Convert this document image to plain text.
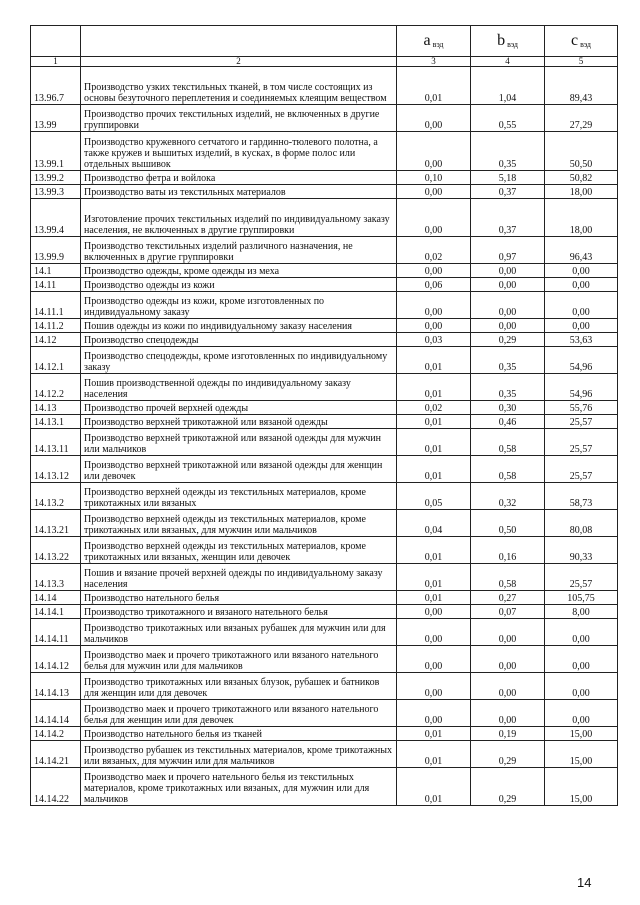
		a $_{вэд}$	b $_{вэд}$	c $_{вэд}$
1	2	3	4	5
13.96.7	Производство узких текстильных тканей, в том числе состоящих из основы безуточного переплетения и соединяемых клеящим веществом	0,01	1,04	89,43
13.99	Производство прочих текстильных изделий, не включенных в другие группировки	0,00	0,55	27,29
13.99.1	Производство кружевного сетчатого и гардинно-тюлевого полотна, а также кружев и вышитых изделий, в кусках, в форме полос или отдельных вышивок	0,00	0,35	50,50
13.99.2	Производство фетра и войлока	0,10	5,18	50,82
13.99.3	Производство ваты из текстильных материалов	0,00	0,37	18,00
13.99.4	Изготовление прочих текстильных изделий по индивидуальному заказу населения, не включенных в другие группировки	0,00	0,37	18,00
13.99.9	Производство текстильных изделий различного назначения, не включенных в другие группировки	0,02	0,97	96,43
14.1	Производство одежды, кроме одежды из меха	0,00	0,00	0,00
14.11	Производство одежды из кожи	0,06	0,00	0,00
14.11.1	Производство одежды из кожи, кроме изготовленных по индивидуальному заказу	0,00	0,00	0,00
14.11.2	Пошив одежды из кожи по индивидуальному заказу населения	0,00	0,00	0,00
14.12	Производство спецодежды	0,03	0,29	53,63
14.12.1	Производство спецодежды, кроме изготовленных по индивидуальному заказу	0,01	0,35	54,96
14.12.2	Пошив производственной одежды по индивидуальному заказу населения	0,01	0,35	54,96
14.13	Производство прочей верхней одежды	0,02	0,30	55,76
14.13.1	Производство верхней трикотажной или вязаной одежды	0,01	0,46	25,57
14.13.11	Производство верхней трикотажной или вязаной одежды для мужчин или мальчиков	0,01	0,58	25,57
14.13.12	Производство верхней трикотажной или вязаной одежды для женщин или девочек	0,01	0,58	25,57
14.13.2	Производство верхней одежды из текстильных материалов, кроме трикотажных или вязаных	0,05	0,32	58,73
14.13.21	Производство верхней одежды из текстильных материалов, кроме трикотажных или вязаных, для мужчин или мальчиков	0,04	0,50	80,08
14.13.22	Производство верхней одежды из текстильных материалов, кроме трикотажных или вязаных, женщин или девочек	0,01	0,16	90,33
14.13.3	Пошив и вязание прочей верхней одежды по индивидуальному заказу населения	0,01	0,58	25,57
14.14	Производство нательного белья	0,01	0,27	105,75
14.14.1	Производство трикотажного и вязаного нательного белья	0,00	0,07	8,00
14.14.11	Производство трикотажных или вязаных рубашек для мужчин или для мальчиков	0,00	0,00	0,00
14.14.12	Производство маек и прочего трикотажного или вязаного нательного белья для мужчин или для мальчиков	0,00	0,00	0,00
14.14.13	Производство трикотажных или вязаных блузок, рубашек и батников для женщин или для девочек	0,00	0,00	0,00
14.14.14	Производство маек и прочего трикотажного или вязаного нательного белья для женщин или для девочек	0,00	0,00	0,00
14.14.2	Производство нательного белья из тканей	0,01	0,19	15,00
14.14.21	Производство рубашек из текстильных материалов, кроме трикотажных или вязаных, для мужчин или для мальчиков	0,01	0,29	15,00
14.14.22	Производство маек и прочего нательного белья из текстильных материалов, кроме трикотажных или вязаных, для мужчин или для мальчиков	0,01	0,29	15,00
14
